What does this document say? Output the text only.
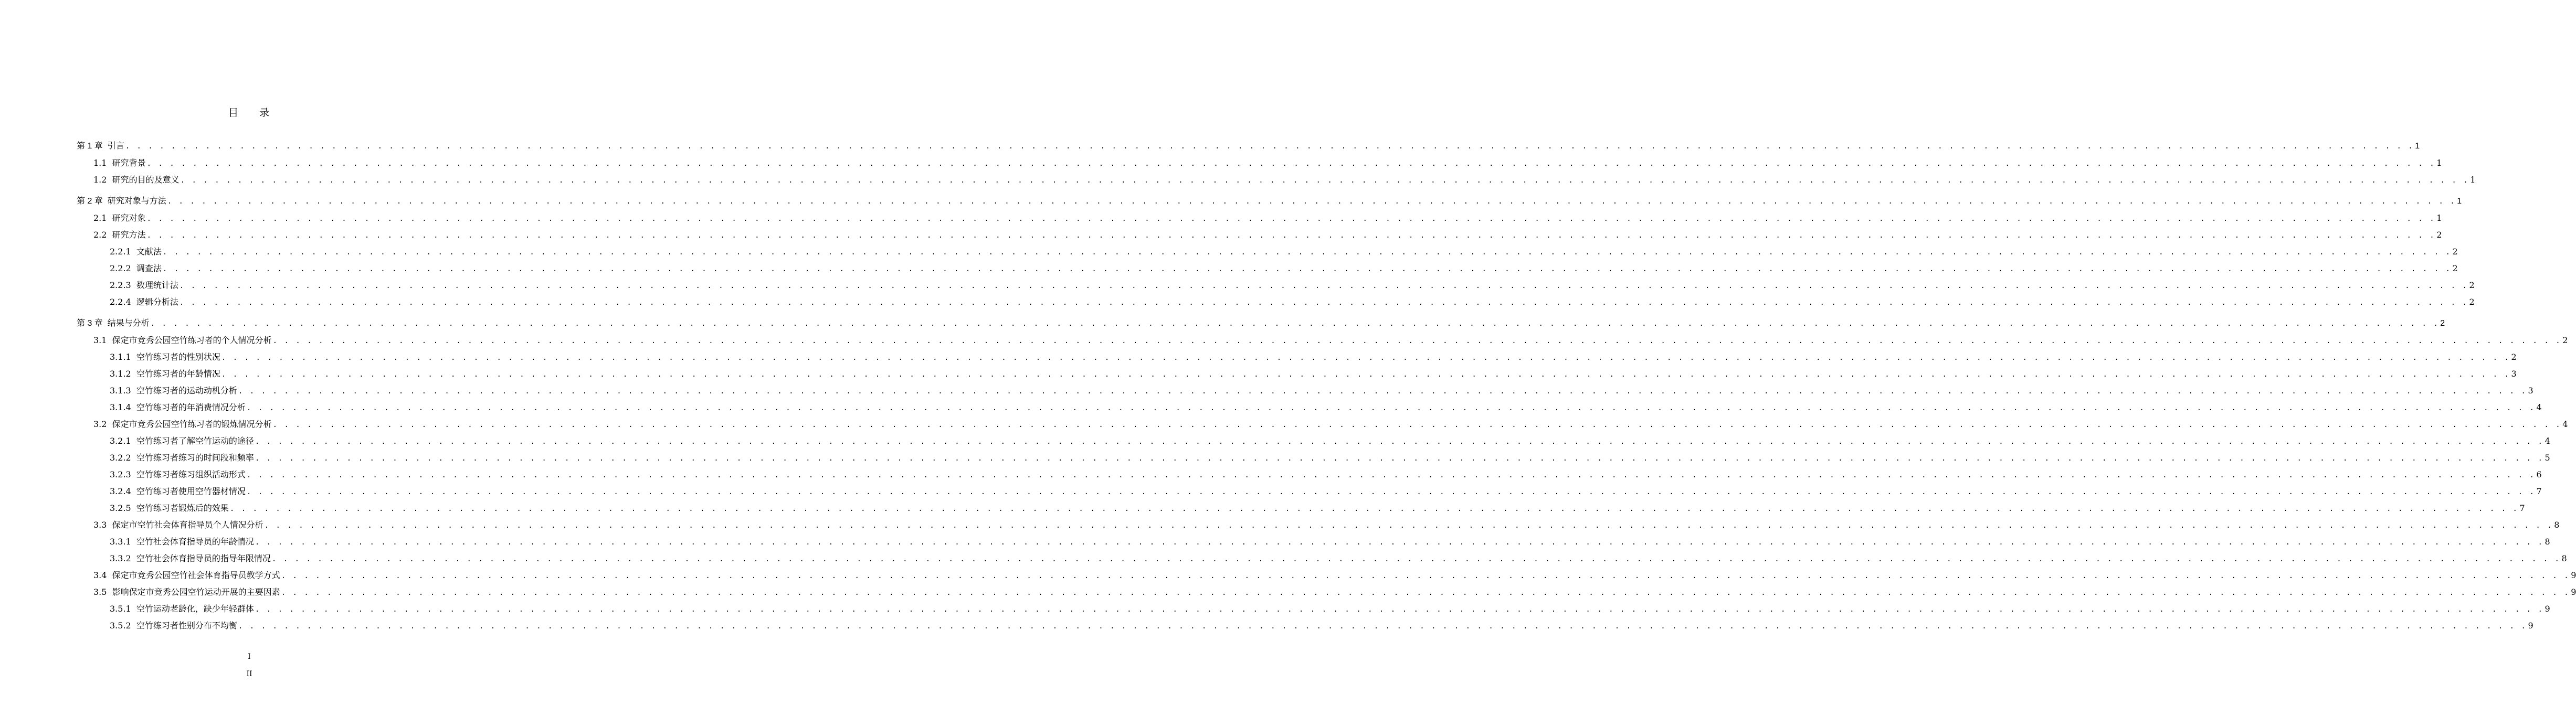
目 录
第 1 章 引言 . . . . . . . . . . . . . . . . . . . . . . . . . . . . . . . . . . . . . . . . . . . . . . . . . . . . . . . . . . . . . . . . . . . . . . . . . . . . . . . . . . . . . . . . . . . . . . . . . . . . . . . . . . . . . . . . . . . . . . . . . . . . . . . . . . . . . . . . . . . . . . . . . . . . . . . . . . . . . . . . . . . . . . . . . . . . . . . . . . . . . . . . . . . . . . . . . . . . . . . . 1
1.1 研究背景 . . . . . . . . . . . . . . . . . . . . . . . . . . . . . . . . . . . . . . . . . . . . . . . . . . . . . . . . . . . . . . . . . . . . . . . . . . . . . . . . . . . . . . . . . . . . . . . . . . . . . . . . . . . . . . . . . . . . . . . . . . . . . . . . . . . . . . . . . . . . . . . . . . . . . . . . . . . . . . . . . . . . . . . . . . . . . . . . . . . . . . . . . . . . . . . . . . . . . . . . 1
1.2 研究的目的及意义 . . . . . . . . . . . . . . . . . . . . . . . . . . . . . . . . . . . . . . . . . . . . . . . . . . . . . . . . . . . . . . . . . . . . . . . . . . . . . . . . . . . . . . . . . . . . . . . . . . . . . . . . . . . . . . . . . . . . . . . . . . . . . . . . . . . . . . . . . . . . . . . . . . . . . . . . . . . . . . . . . . . . . . . . . . . . . . . . . . . . . . . . . . . . . . . . . . . . . . . . 1
第 2 章 研究对象与方法 . . . . . . . . . . . . . . . . . . . . . . . . . . . . . . . . . . . . . . . . . . . . . . . . . . . . . . . . . . . . . . . . . . . . . . . . . . . . . . . . . . . . . . . . . . . . . . . . . . . . . . . . . . . . . . . . . . . . . . . . . . . . . . . . . . . . . . . . . . . . . . . . . . . . . . . . . . . . . . . . . . . . . . . . . . . . . . . . . . . . . . . . . . . . . . . . . . . . . . . . 1
2.1 研究对象 . . . . . . . . . . . . . . . . . . . . . . . . . . . . . . . . . . . . . . . . . . . . . . . . . . . . . . . . . . . . . . . . . . . . . . . . . . . . . . . . . . . . . . . . . . . . . . . . . . . . . . . . . . . . . . . . . . . . . . . . . . . . . . . . . . . . . . . . . . . . . . . . . . . . . . . . . . . . . . . . . . . . . . . . . . . . . . . . . . . . . . . . . . . . . . . . . . . . . . . . 1
2.2 研究方法 . . . . . . . . . . . . . . . . . . . . . . . . . . . . . . . . . . . . . . . . . . . . . . . . . . . . . . . . . . . . . . . . . . . . . . . . . . . . . . . . . . . . . . . . . . . . . . . . . . . . . . . . . . . . . . . . . . . . . . . . . . . . . . . . . . . . . . . . . . . . . . . . . . . . . . . . . . . . . . . . . . . . . . . . . . . . . . . . . . . . . . . . . . . . . . . . . . . . . . . . 2
2.2.1 文献法 . . . . . . . . . . . . . . . . . . . . . . . . . . . . . . . . . . . . . . . . . . . . . . . . . . . . . . . . . . . . . . . . . . . . . . . . . . . . . . . . . . . . . . . . . . . . . . . . . . . . . . . . . . . . . . . . . . . . . . . . . . . . . . . . . . . . . . . . . . . . . . . . . . . . . . . . . . . . . . . . . . . . . . . . . . . . . . . . . . . . . . . . . . . . . . . . . . . . . . . . 2
2.2.2 调查法 . . . . . . . . . . . . . . . . . . . . . . . . . . . . . . . . . . . . . . . . . . . . . . . . . . . . . . . . . . . . . . . . . . . . . . . . . . . . . . . . . . . . . . . . . . . . . . . . . . . . . . . . . . . . . . . . . . . . . . . . . . . . . . . . . . . . . . . . . . . . . . . . . . . . . . . . . . . . . . . . . . . . . . . . . . . . . . . . . . . . . . . . . . . . . . . . . . . . . . . . 2
2.2.3 数理统计法 . . . . . . . . . . . . . . . . . . . . . . . . . . . . . . . . . . . . . . . . . . . . . . . . . . . . . . . . . . . . . . . . . . . . . . . . . . . . . . . . . . . . . . . . . . . . . . . . . . . . . . . . . . . . . . . . . . . . . . . . . . . . . . . . . . . . . . . . . . . . . . . . . . . . . . . . . . . . . . . . . . . . . . . . . . . . . . . . . . . . . . . . . . . . . . . . . . . . . . . . 2
2.2.4 逻辑分析法 . . . . . . . . . . . . . . . . . . . . . . . . . . . . . . . . . . . . . . . . . . . . . . . . . . . . . . . . . . . . . . . . . . . . . . . . . . . . . . . . . . . . . . . . . . . . . . . . . . . . . . . . . . . . . . . . . . . . . . . . . . . . . . . . . . . . . . . . . . . . . . . . . . . . . . . . . . . . . . . . . . . . . . . . . . . . . . . . . . . . . . . . . . . . . . . . . . . . . . . . 2
第 3 章 结果与分析 . . . . . . . . . . . . . . . . . . . . . . . . . . . . . . . . . . . . . . . . . . . . . . . . . . . . . . . . . . . . . . . . . . . . . . . . . . . . . . . . . . . . . . . . . . . . . . . . . . . . . . . . . . . . . . . . . . . . . . . . . . . . . . . . . . . . . . . . . . . . . . . . . . . . . . . . . . . . . . . . . . . . . . . . . . . . . . . . . . . . . . . . . . . . . . . . . . . . . . . . 2
3.1 保定市竞秀公园空竹练习者的个人情况分析 . . . . . . . . . . . . . . . . . . . . . . . . . . . . . . . . . . . . . . . . . . . . . . . . . . . . . . . . . . . . . . . . . . . . . . . . . . . . . . . . . . . . . . . . . . . . . . . . . . . . . . . . . . . . . . . . . . . . . . . . . . . . . . . . . . . . . . . . . . . . . . . . . . . . . . . . . . . . . . . . . . . . . . . . . . . . . . . . . . . . . . . . . . . . . . . . . . . . . . . . 2
3.1.1 空竹练习者的性别状况 . . . . . . . . . . . . . . . . . . . . . . . . . . . . . . . . . . . . . . . . . . . . . . . . . . . . . . . . . . . . . . . . . . . . . . . . . . . . . . . . . . . . . . . . . . . . . . . . . . . . . . . . . . . . . . . . . . . . . . . . . . . . . . . . . . . . . . . . . . . . . . . . . . . . . . . . . . . . . . . . . . . . . . . . . . . . . . . . . . . . . . . . . . . . . . . . . . . . . . . . 2
3.1.2 空竹练习者的年龄情况 . . . . . . . . . . . . . . . . . . . . . . . . . . . . . . . . . . . . . . . . . . . . . . . . . . . . . . . . . . . . . . . . . . . . . . . . . . . . . . . . . . . . . . . . . . . . . . . . . . . . . . . . . . . . . . . . . . . . . . . . . . . . . . . . . . . . . . . . . . . . . . . . . . . . . . . . . . . . . . . . . . . . . . . . . . . . . . . . . . . . . . . . . . . . . . . . . . . . . . . . 3
3.1.3 空竹练习者的运动动机分析 . . . . . . . . . . . . . . . . . . . . . . . . . . . . . . . . . . . . . . . . . . . . . . . . . . . . . . . . . . . . . . . . . . . . . . . . . . . . . . . . . . . . . . . . . . . . . . . . . . . . . . . . . . . . . . . . . . . . . . . . . . . . . . . . . . . . . . . . . . . . . . . . . . . . . . . . . . . . . . . . . . . . . . . . . . . . . . . . . . . . . . . . . . . . . . . . . . . . . . . . 3
3.1.4 空竹练习者的年消费情况分析 . . . . . . . . . . . . . . . . . . . . . . . . . . . . . . . . . . . . . . . . . . . . . . . . . . . . . . . . . . . . . . . . . . . . . . . . . . . . . . . . . . . . . . . . . . . . . . . . . . . . . . . . . . . . . . . . . . . . . . . . . . . . . . . . . . . . . . . . . . . . . . . . . . . . . . . . . . . . . . . . . . . . . . . . . . . . . . . . . . . . . . . . . . . . . . . . . . . . . . . . 4
3.2 保定市竞秀公园空竹练习者的锻炼情况分析 . . . . . . . . . . . . . . . . . . . . . . . . . . . . . . . . . . . . . . . . . . . . . . . . . . . . . . . . . . . . . . . . . . . . . . . . . . . . . . . . . . . . . . . . . . . . . . . . . . . . . . . . . . . . . . . . . . . . . . . . . . . . . . . . . . . . . . . . . . . . . . . . . . . . . . . . . . . . . . . . . . . . . . . . . . . . . . . . . . . . . . . . . . . . . . . . . . . . . . . . 4
3.2.1 空竹练习者了解空竹运动的途径 . . . . . . . . . . . . . . . . . . . . . . . . . . . . . . . . . . . . . . . . . . . . . . . . . . . . . . . . . . . . . . . . . . . . . . . . . . . . . . . . . . . . . . . . . . . . . . . . . . . . . . . . . . . . . . . . . . . . . . . . . . . . . . . . . . . . . . . . . . . . . . . . . . . . . . . . . . . . . . . . . . . . . . . . . . . . . . . . . . . . . . . . . . . . . . . . . . . . . . . . 4
3.2.2 空竹练习者练习的时间段和频率 . . . . . . . . . . . . . . . . . . . . . . . . . . . . . . . . . . . . . . . . . . . . . . . . . . . . . . . . . . . . . . . . . . . . . . . . . . . . . . . . . . . . . . . . . . . . . . . . . . . . . . . . . . . . . . . . . . . . . . . . . . . . . . . . . . . . . . . . . . . . . . . . . . . . . . . . . . . . . . . . . . . . . . . . . . . . . . . . . . . . . . . . . . . . . . . . . . . . . . . . 5
3.2.3 空竹练习者练习组织活动形式 . . . . . . . . . . . . . . . . . . . . . . . . . . . . . . . . . . . . . . . . . . . . . . . . . . . . . . . . . . . . . . . . . . . . . . . . . . . . . . . . . . . . . . . . . . . . . . . . . . . . . . . . . . . . . . . . . . . . . . . . . . . . . . . . . . . . . . . . . . . . . . . . . . . . . . . . . . . . . . . . . . . . . . . . . . . . . . . . . . . . . . . . . . . . . . . . . . . . . . . . 6
3.2.4 空竹练习者使用空竹器材情况 . . . . . . . . . . . . . . . . . . . . . . . . . . . . . . . . . . . . . . . . . . . . . . . . . . . . . . . . . . . . . . . . . . . . . . . . . . . . . . . . . . . . . . . . . . . . . . . . . . . . . . . . . . . . . . . . . . . . . . . . . . . . . . . . . . . . . . . . . . . . . . . . . . . . . . . . . . . . . . . . . . . . . . . . . . . . . . . . . . . . . . . . . . . . . . . . . . . . . . . . 7
3.2.5 空竹练习者锻炼后的效果 . . . . . . . . . . . . . . . . . . . . . . . . . . . . . . . . . . . . . . . . . . . . . . . . . . . . . . . . . . . . . . . . . . . . . . . . . . . . . . . . . . . . . . . . . . . . . . . . . . . . . . . . . . . . . . . . . . . . . . . . . . . . . . . . . . . . . . . . . . . . . . . . . . . . . . . . . . . . . . . . . . . . . . . . . . . . . . . . . . . . . . . . . . . . . . . . . . . . . . . . 7
3.3 保定市空竹社会体育指导员个人情况分析 . . . . . . . . . . . . . . . . . . . . . . . . . . . . . . . . . . . . . . . . . . . . . . . . . . . . . . . . . . . . . . . . . . . . . . . . . . . . . . . . . . . . . . . . . . . . . . . . . . . . . . . . . . . . . . . . . . . . . . . . . . . . . . . . . . . . . . . . . . . . . . . . . . . . . . . . . . . . . . . . . . . . . . . . . . . . . . . . . . . . . . . . . . . . . . . . . . . . . . . . 8
3.3.1 空竹社会体育指导员的年龄情况 . . . . . . . . . . . . . . . . . . . . . . . . . . . . . . . . . . . . . . . . . . . . . . . . . . . . . . . . . . . . . . . . . . . . . . . . . . . . . . . . . . . . . . . . . . . . . . . . . . . . . . . . . . . . . . . . . . . . . . . . . . . . . . . . . . . . . . . . . . . . . . . . . . . . . . . . . . . . . . . . . . . . . . . . . . . . . . . . . . . . . . . . . . . . . . . . . . . . . . . . 8
3.3.2 空竹社会体育指导员的指导年限情况 . . . . . . . . . . . . . . . . . . . . . . . . . . . . . . . . . . . . . . . . . . . . . . . . . . . . . . . . . . . . . . . . . . . . . . . . . . . . . . . . . . . . . . . . . . . . . . . . . . . . . . . . . . . . . . . . . . . . . . . . . . . . . . . . . . . . . . . . . . . . . . . . . . . . . . . . . . . . . . . . . . . . . . . . . . . . . . . . . . . . . . . . . . . . . . . . . . . . . . . . 8
3.4 保定市竞秀公园空竹社会体育指导员教学方式 . . . . . . . . . . . . . . . . . . . . . . . . . . . . . . . . . . . . . . . . . . . . . . . . . . . . . . . . . . . . . . . . . . . . . . . . . . . . . . . . . . . . . . . . . . . . . . . . . . . . . . . . . . . . . . . . . . . . . . . . . . . . . . . . . . . . . . . . . . . . . . . . . . . . . . . . . . . . . . . . . . . . . . . . . . . . . . . . . . . . . . . . . . . . . . . . . . . . . . . . 9
3.5 影响保定市竞秀公园空竹运动开展的主要因素 . . . . . . . . . . . . . . . . . . . . . . . . . . . . . . . . . . . . . . . . . . . . . . . . . . . . . . . . . . . . . . . . . . . . . . . . . . . . . . . . . . . . . . . . . . . . . . . . . . . . . . . . . . . . . . . . . . . . . . . . . . . . . . . . . . . . . . . . . . . . . . . . . . . . . . . . . . . . . . . . . . . . . . . . . . . . . . . . . . . . . . . . . . . . . . . . . . . . . . . . 9
3.5.1 空竹运动老龄化，缺少年轻群体 . . . . . . . . . . . . . . . . . . . . . . . . . . . . . . . . . . . . . . . . . . . . . . . . . . . . . . . . . . . . . . . . . . . . . . . . . . . . . . . . . . . . . . . . . . . . . . . . . . . . . . . . . . . . . . . . . . . . . . . . . . . . . . . . . . . . . . . . . . . . . . . . . . . . . . . . . . . . . . . . . . . . . . . . . . . . . . . . . . . . . . . . . . . . . . . . . . . . . . . . 9
3.5.2 空竹练习者性别分布不均衡 . . . . . . . . . . . . . . . . . . . . . . . . . . . . . . . . . . . . . . . . . . . . . . . . . . . . . . . . . . . . . . . . . . . . . . . . . . . . . . . . . . . . . . . . . . . . . . . . . . . . . . . . . . . . . . . . . . . . . . . . . . . . . . . . . . . . . . . . . . . . . . . . . . . . . . . . . . . . . . . . . . . . . . . . . . . . . . . . . . . . . . . . . . . . . . . . . . . . . . . . 9
I
II
